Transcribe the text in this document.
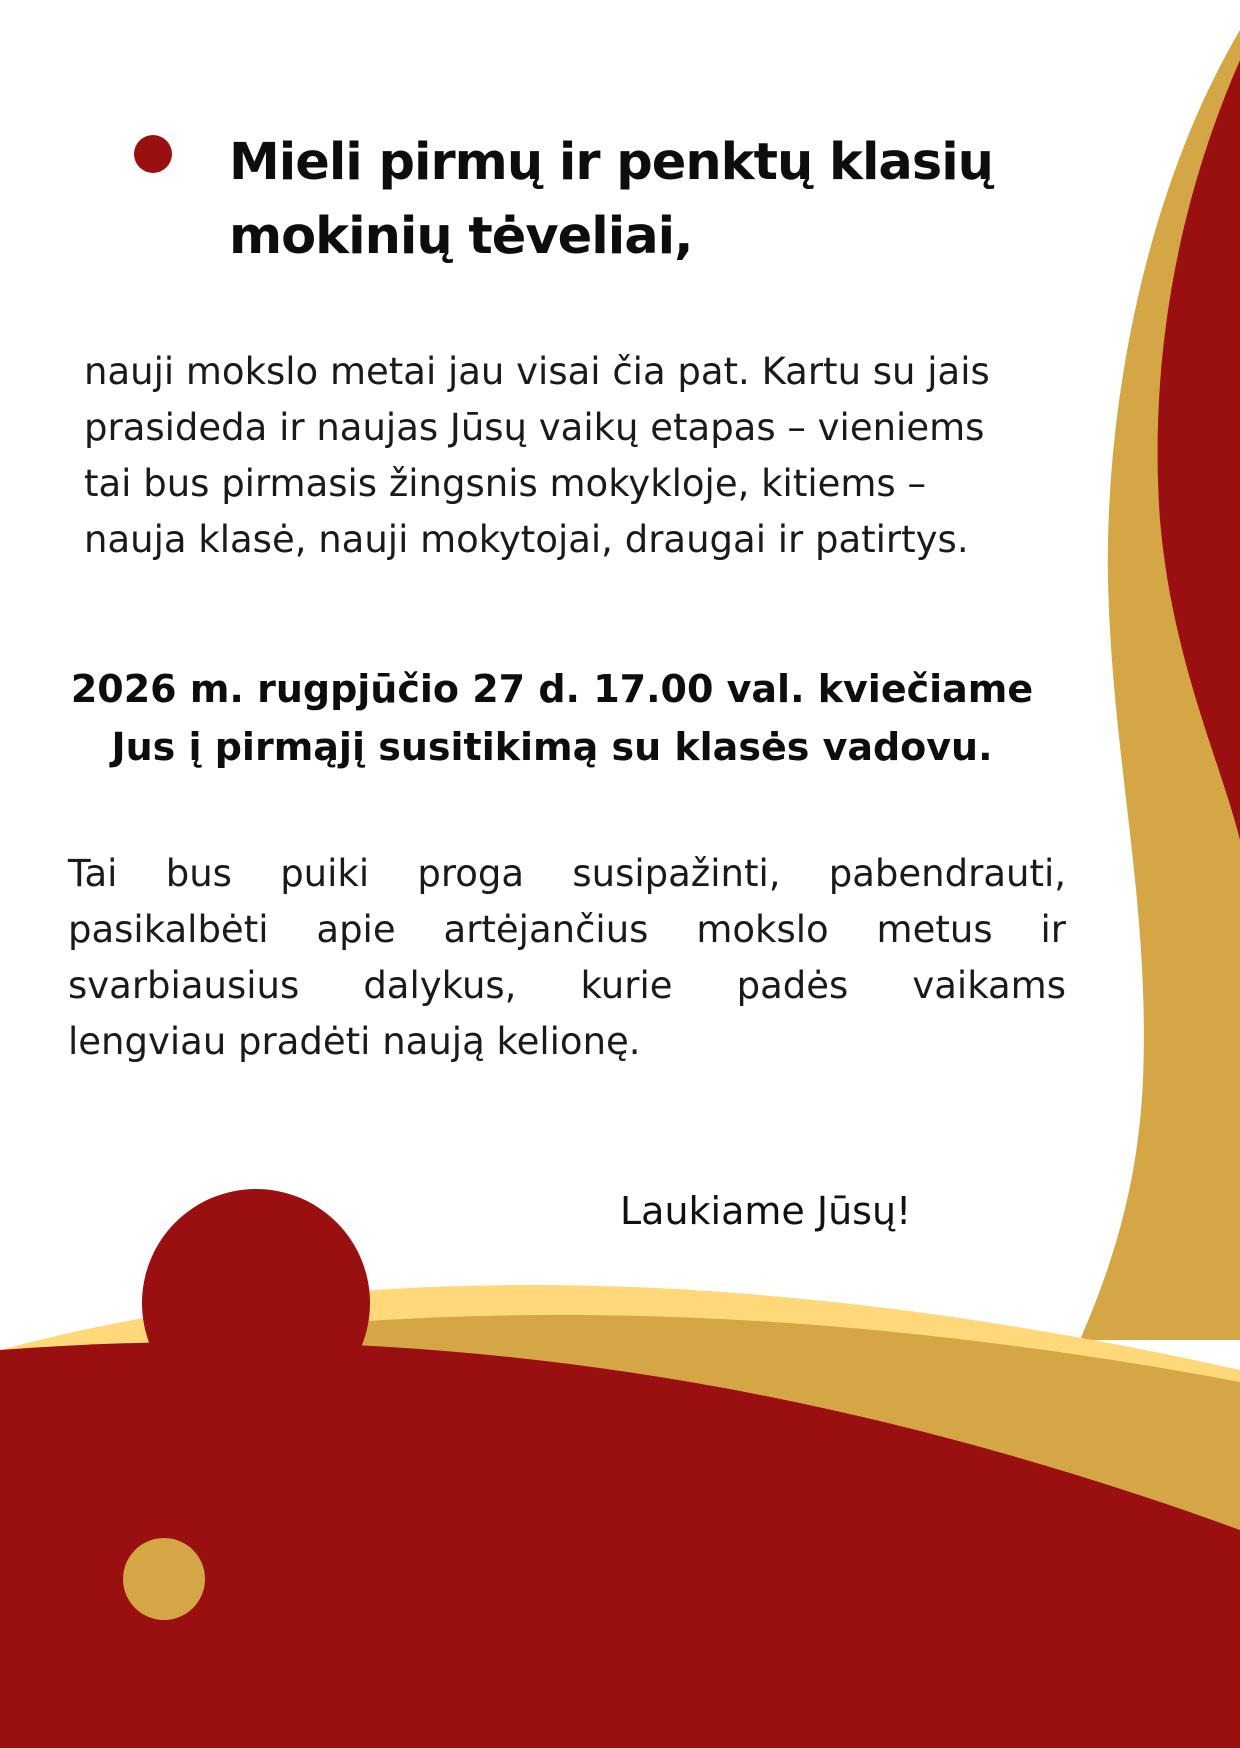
Mieli pirmų ir penktų klasių
mokinių tėveliai,

nauji mokslo metai jau visai čia pat. Kartu su jais
prasideda ir naujas Jūsų vaikų etapas – vieniems
tai bus pirmasis žingsnis mokykloje, kitiems –
nauja klasė, nauji mokytojai, draugai ir patirtys.

2026 m. rugpjūčio 27 d. 17.00 val. kviečiame
Jus į pirmąjį susitikimą su klasės vadovu.

Tai bus puiki proga susipažinti, pabendrauti,
pasikalbėti apie artėjančius mokslo metus ir
svarbiausius dalykus, kurie padės vaikams
lengviau pradėti naują kelionę.

Laukiame Jūsų!
